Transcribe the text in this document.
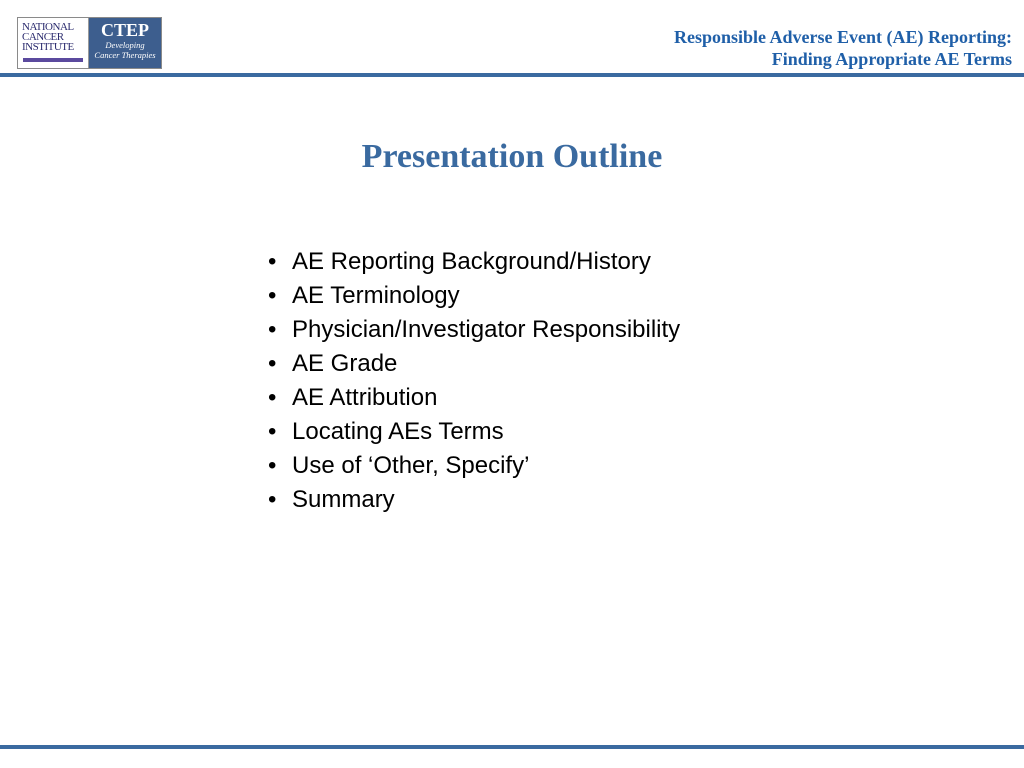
NATIONAL CANCER INSTITUTE
CTEP
Developing
Cancer Therapies
Responsible Adverse Event (AE) Reporting:
Finding Appropriate AE Terms
Presentation Outline
• AE Reporting Background/History
• AE Terminology
• Physician/Investigator Responsibility
• AE Grade
• AE Attribution
• Locating AEs Terms
• Use of ‘Other, Specify’
• Summary
